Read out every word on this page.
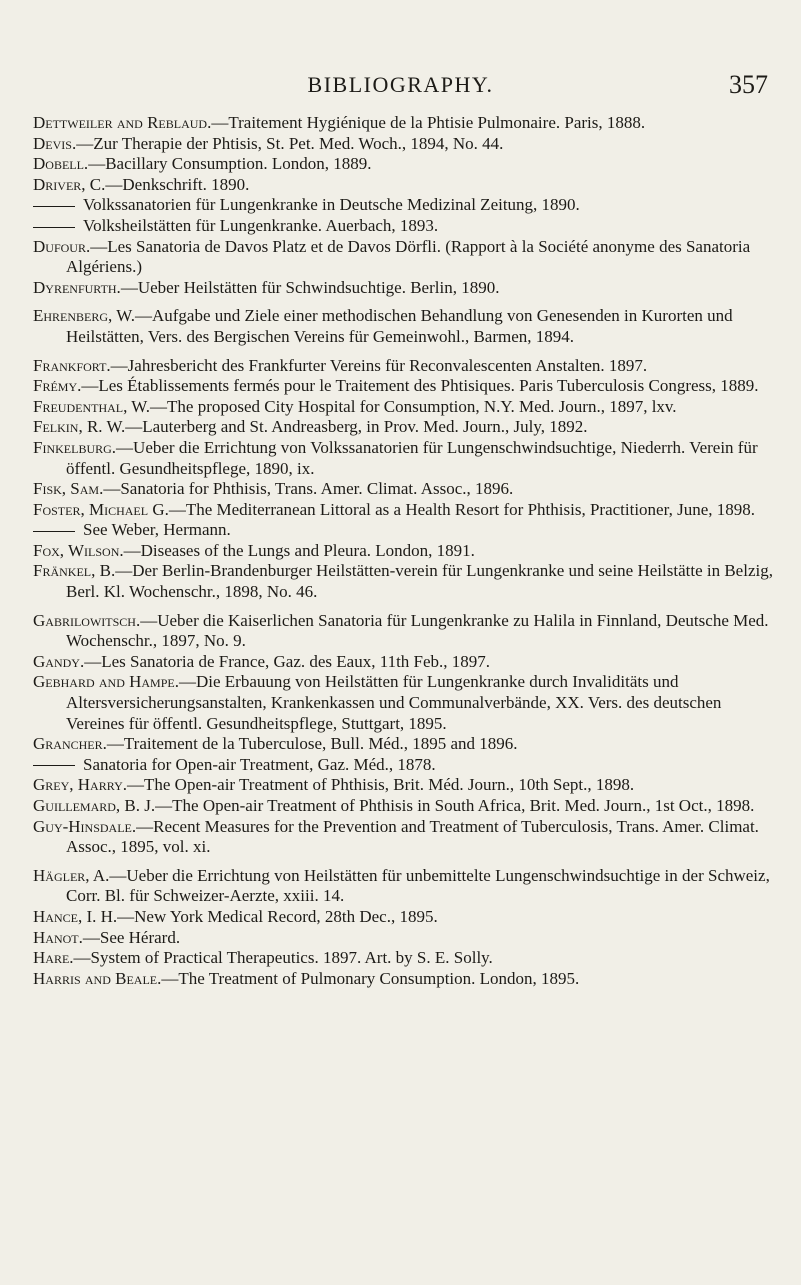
BIBLIOGRAPHY.	357

Dettweiler and Reblaud.—Traitement Hygiénique de la Phtisie Pulmonaire. Paris, 1888.

Devis.—Zur Therapie der Phtisis, St. Pet. Med. Woch., 1894, No. 44.

Dobell.—Bacillary Consumption. London, 1889.

Driver, C.—Denkschrift. 1890.

Volkssanatorien für Lungenkranke in Deutsche Medizinal Zeitung, 1890.

Volksheilstätten für Lungenkranke. Auerbach, 1893.

Dufour.—Les Sanatoria de Davos Platz et de Davos Dörfli. (Rapport à la Société anonyme des Sanatoria Algériens.)

Dyrenfurth.—Ueber Heilstätten für Schwindsuchtige. Berlin, 1890.

Ehrenberg, W.—Aufgabe und Ziele einer methodischen Behandlung von Genesenden in Kurorten und Heilstätten, Vers. des Bergischen Vereins für Gemeinwohl., Barmen, 1894.

Frankfort.—Jahresbericht des Frankfurter Vereins für Reconvalescenten Anstalten. 1897.

Frémy.—Les Établissements fermés pour le Traitement des Phtisiques. Paris Tuberculosis Congress, 1889.

Freudenthal, W.—The proposed City Hospital for Consumption, N.Y. Med. Journ., 1897, lxv.

Felkin, R. W.—Lauterberg and St. Andreasberg, in Prov. Med. Journ., July, 1892.

Finkelburg.—Ueber die Errichtung von Volkssanatorien für Lungenschwindsuchtige, Niederrh. Verein für öffentl. Gesundheitspflege, 1890, ix.

Fisk, Sam.—Sanatoria for Phthisis, Trans. Amer. Climat. Assoc., 1896.

Foster, Michael G.—The Mediterranean Littoral as a Health Resort for Phthisis, Practitioner, June, 1898.

See Weber, Hermann.

Fox, Wilson.—Diseases of the Lungs and Pleura. London, 1891.

Fränkel, B.—Der Berlin-Brandenburger Heilstätten-verein für Lungenkranke und seine Heilstätte in Belzig, Berl. Kl. Wochenschr., 1898, No. 46.

Gabrilowitsch.—Ueber die Kaiserlichen Sanatoria für Lungenkranke zu Halila in Finnland, Deutsche Med. Wochenschr., 1897, No. 9.

Gandy.—Les Sanatoria de France, Gaz. des Eaux, 11th Feb., 1897.

Gebhard and Hampe.—Die Erbauung von Heilstätten für Lungenkranke durch Invaliditäts und Altersversicherungsanstalten, Krankenkassen und Communalverbände, XX. Vers. des deutschen Vereines für öffentl. Gesundheitspflege, Stuttgart, 1895.

Grancher.—Traitement de la Tuberculose, Bull. Méd., 1895 and 1896.

Sanatoria for Open-air Treatment, Gaz. Méd., 1878.

Grey, Harry.—The Open-air Treatment of Phthisis, Brit. Méd. Journ., 10th Sept., 1898.

Guillemard, B. J.—The Open-air Treatment of Phthisis in South Africa, Brit. Med. Journ., 1st Oct., 1898.

Guy-Hinsdale.—Recent Measures for the Prevention and Treatment of Tuberculosis, Trans. Amer. Climat. Assoc., 1895, vol. xi.

Hägler, A.—Ueber die Errichtung von Heilstätten für unbemittelte Lungenschwindsuchtige in der Schweiz, Corr. Bl. für Schweizer-Aerzte, xxiii. 14.

Hance, I. H.—New York Medical Record, 28th Dec., 1895.

Hanot.—See Hérard.

Hare.—System of Practical Therapeutics. 1897. Art. by S. E. Solly.

Harris and Beale.—The Treatment of Pulmonary Consumption. London, 1895.
